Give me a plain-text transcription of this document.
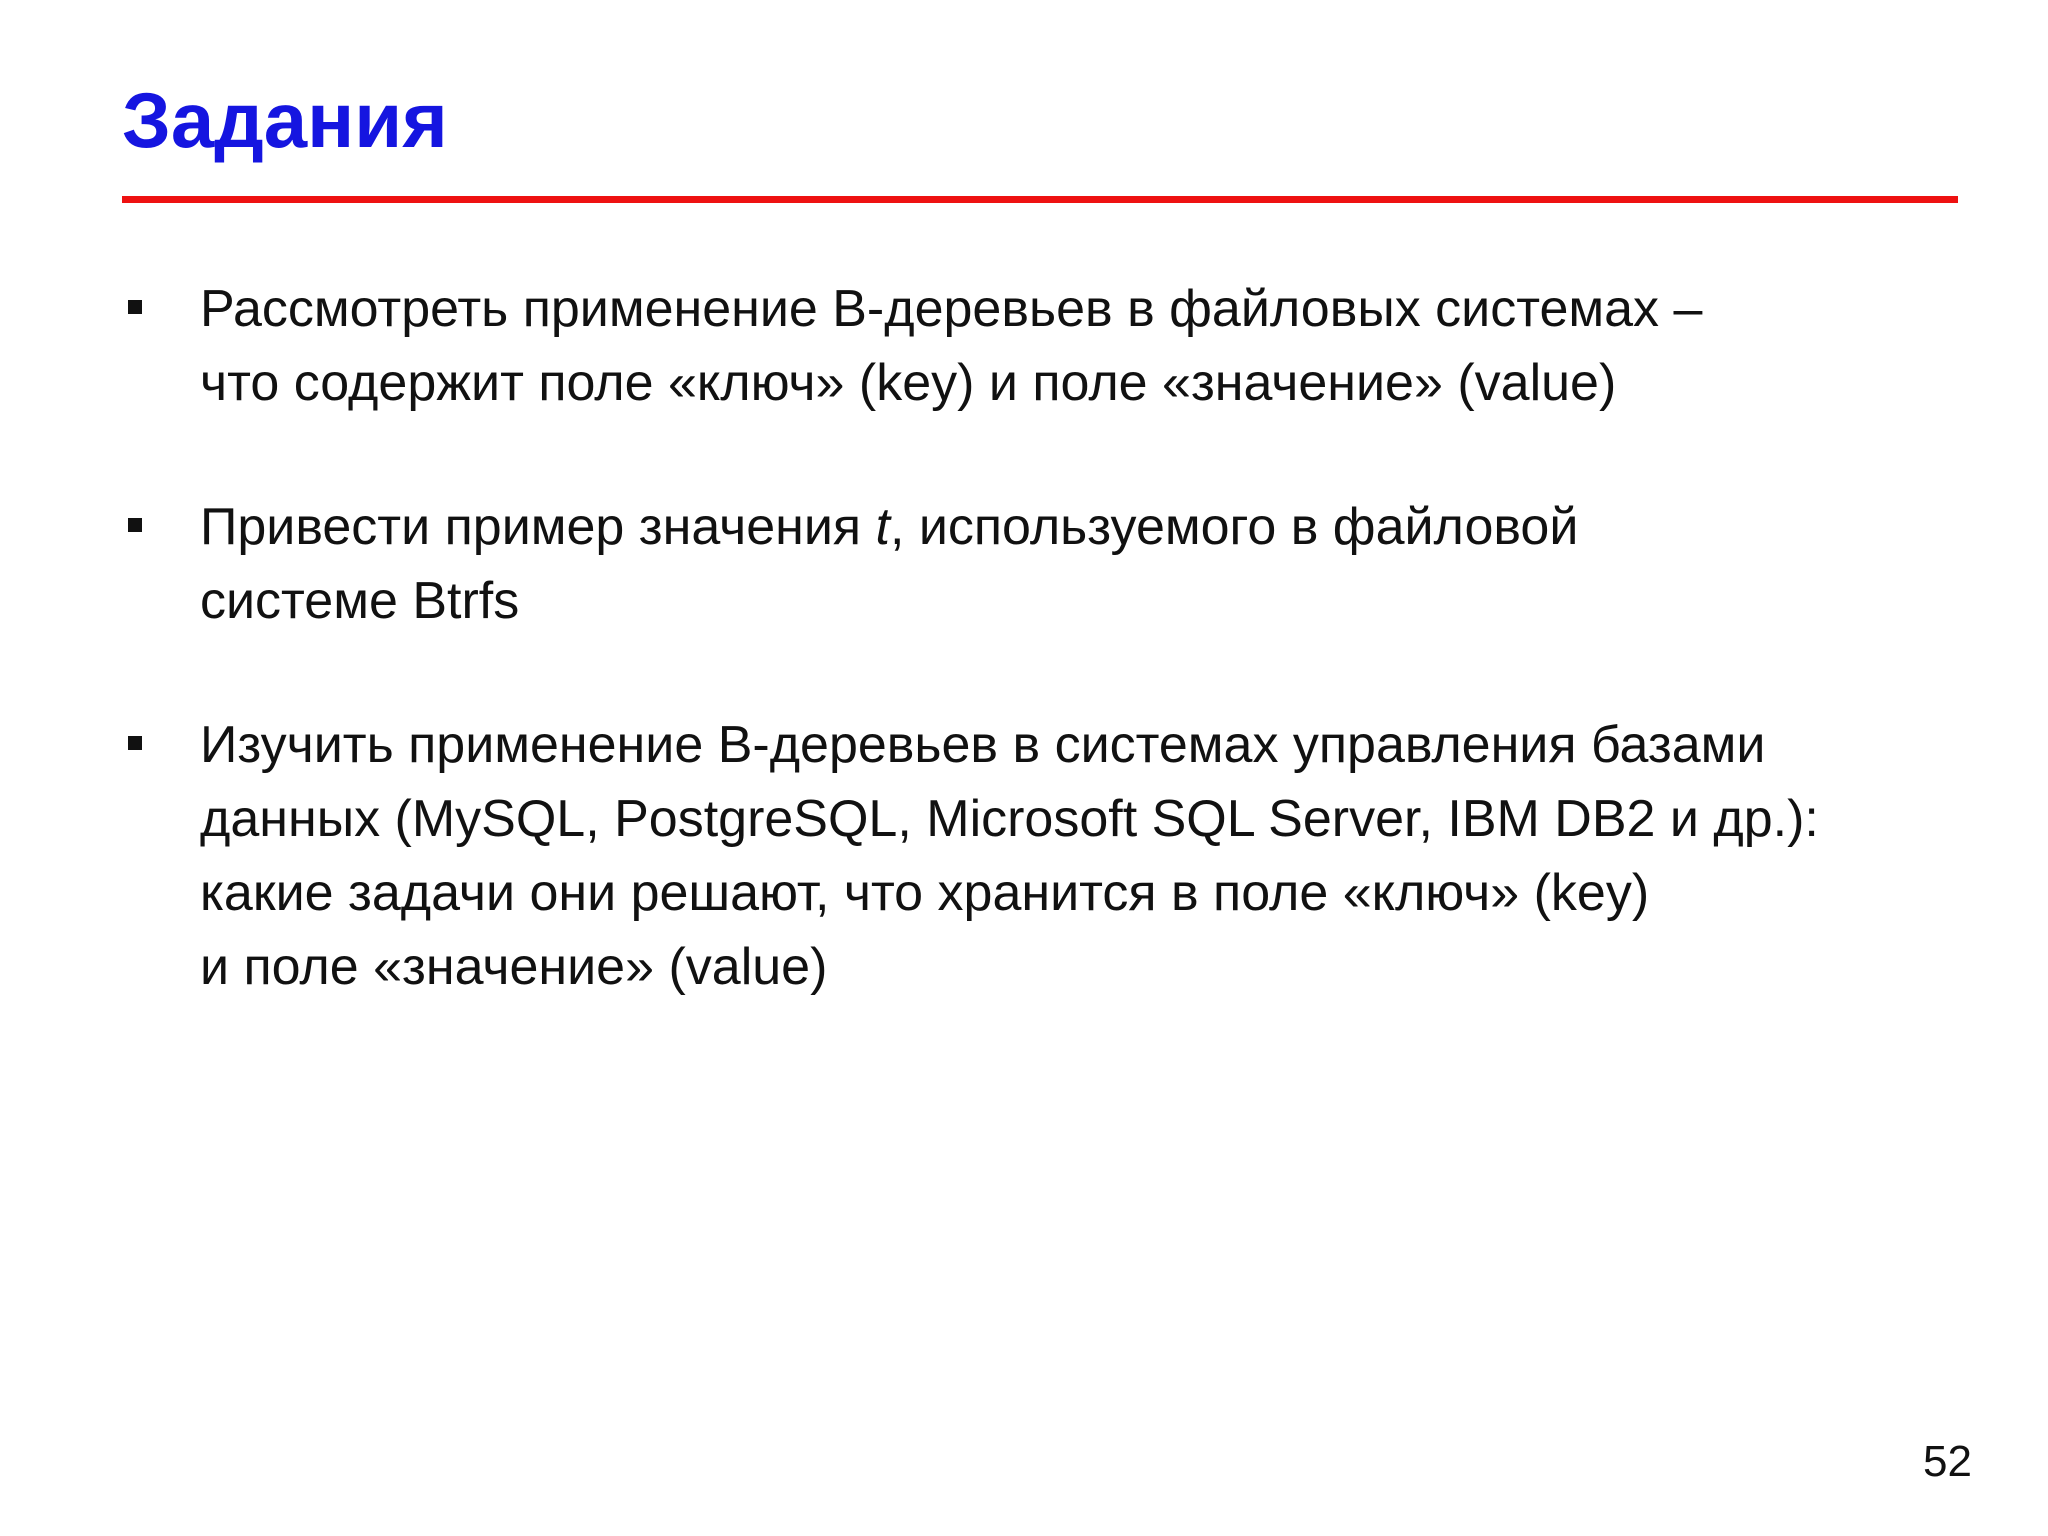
Задания
Рассмотреть применение B-деревьев в файловых системах –
что содержит поле «ключ» (key) и поле «значение» (value)
Привести пример значения t, используемого в файловой
системе Btrfs
Изучить применение B-деревьев в системах управления базами
данных (MySQL, PostgreSQL, Microsoft SQL Server, IBM DB2 и др.):
какие задачи они решают, что хранится в поле «ключ» (key)
и поле «значение» (value)
52
